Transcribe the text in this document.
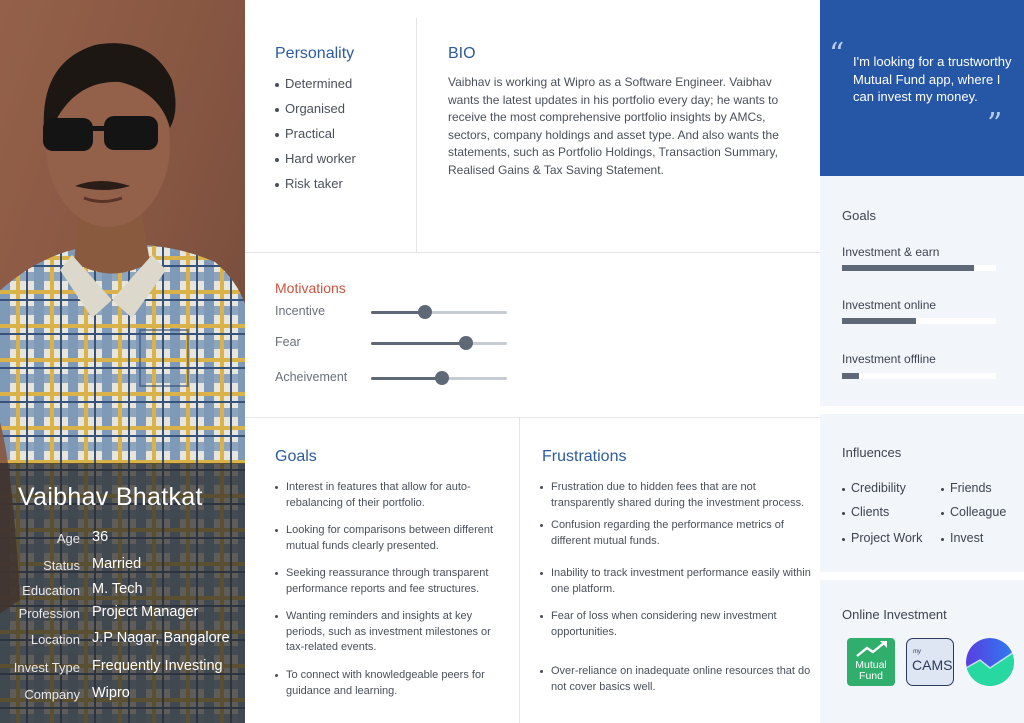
Vaibhav Bhatkat
Age 36
Status Married
Education M. Tech
Profession Project Manager
Location J.P Nagar, Bangalore
Invest Type Frequently Investing
Company Wipro
Personality
Determined
Organised
Practical
Hard worker
Risk taker
BIO
Vaibhav is working at Wipro as a Software Engineer. Vaibhav wants the latest updates in his portfolio every day; he wants to receive the most comprehensive portfolio insights by AMCs, sectors, company holdings and asset type. And also wants the statements, such as Portfolio Holdings, Transaction Summary, Realised Gains & Tax Saving Statement.
Motivations
Incentive
Fear
Acheivement
Goals
Interest in features that allow for auto-rebalancing of their portfolio.
Looking for comparisons between different mutual funds clearly presented.
Seeking reassurance through transparent performance reports and fee structures.
Wanting reminders and insights at key periods, such as investment milestones or tax-related events.
To connect with knowledgeable peers for guidance and learning.
Frustrations
Frustration due to hidden fees that are not transparently shared during the investment process.
Confusion regarding the performance metrics of different mutual funds.
Inability to track investment performance easily within one platform.
Fear of loss when considering new investment opportunities.
Over-reliance on inadequate online resources that do not cover basics well.
“ I'm looking for a trustworthy Mutual Fund app, where I can invest my money.
”
Goals
Investment & earn
Investment online
Investment offline
Influences
Credibility	Friends
Clients	Colleague
Project Work	Invest
Online Investment
Mutual
Fund
my
CAMS
